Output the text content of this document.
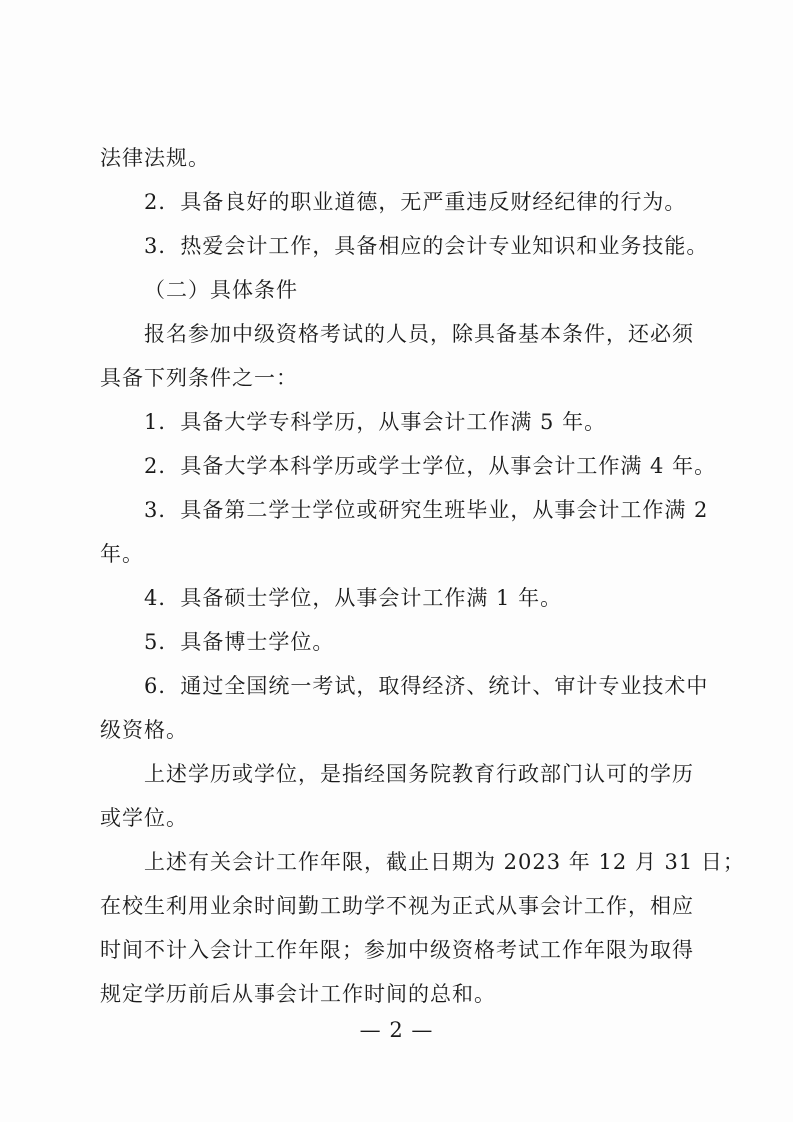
法律法规。
2．具备良好的职业道德，无严重违反财经纪律的行为。
3．热爱会计工作，具备相应的会计专业知识和业务技能。
（二）具体条件
报名参加中级资格考试的人员，除具备基本条件，还必须
具备下列条件之一：
1．具备大学专科学历，从事会计工作满 5 年。
2．具备大学本科学历或学士学位，从事会计工作满 4 年。
3．具备第二学士学位或研究生班毕业，从事会计工作满 2
年。
4．具备硕士学位，从事会计工作满 1 年。
5．具备博士学位。
6．通过全国统一考试，取得经济、统计、审计专业技术中
级资格。
上述学历或学位，是指经国务院教育行政部门认可的学历
或学位。
上述有关会计工作年限，截止日期为 2023 年 12 月 31 日；
在校生利用业余时间勤工助学不视为正式从事会计工作，相应
时间不计入会计工作年限；参加中级资格考试工作年限为取得
规定学历前后从事会计工作时间的总和。
— 2 —
